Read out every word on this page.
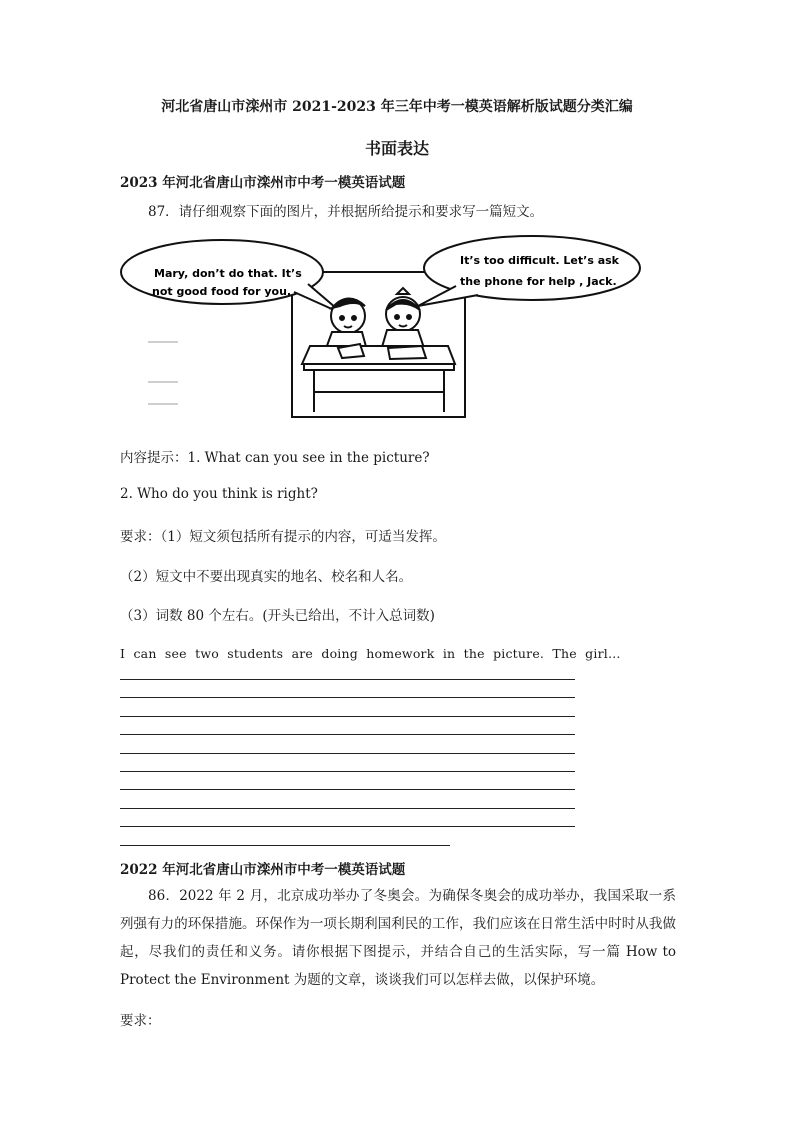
河北省唐山市滦州市 2021-2023 年三年中考一模英语解析版试题分类汇编
书面表达
2023 年河北省唐山市滦州市中考一模英语试题
87．请仔细观察下面的图片，并根据所给提示和要求写一篇短文。
Mary, don’t do that. It’s
not good food for you.
It’s too difficult. Let’s ask
the phone for help , Jack.
内容提示：1. What can you see in the picture?
2. Who do you think is right?
要求：（1）短文须包括所有提示的内容，可适当发挥。
（2）短文中不要出现真实的地名、校名和人名。
（3）词数 80 个左右。(开头已给出，不计入总词数)
I  can  see  two  students  are  doing  homework  in  the  picture.  The  girl…
2022 年河北省唐山市滦州市中考一模英语试题
86．2022 年 2 月，北京成功举办了冬奥会。为确保冬奥会的成功举办，我国采取一系列强有力的环保措施。环保作为一项长期利国利民的工作，我们应该在日常生活中时时从我做起，尽我们的责任和义务。请你根据下图提示，并结合自己的生活实际，写一篇 How to Protect the Environment 为题的文章，谈谈我们可以怎样去做，以保护环境。
要求：
